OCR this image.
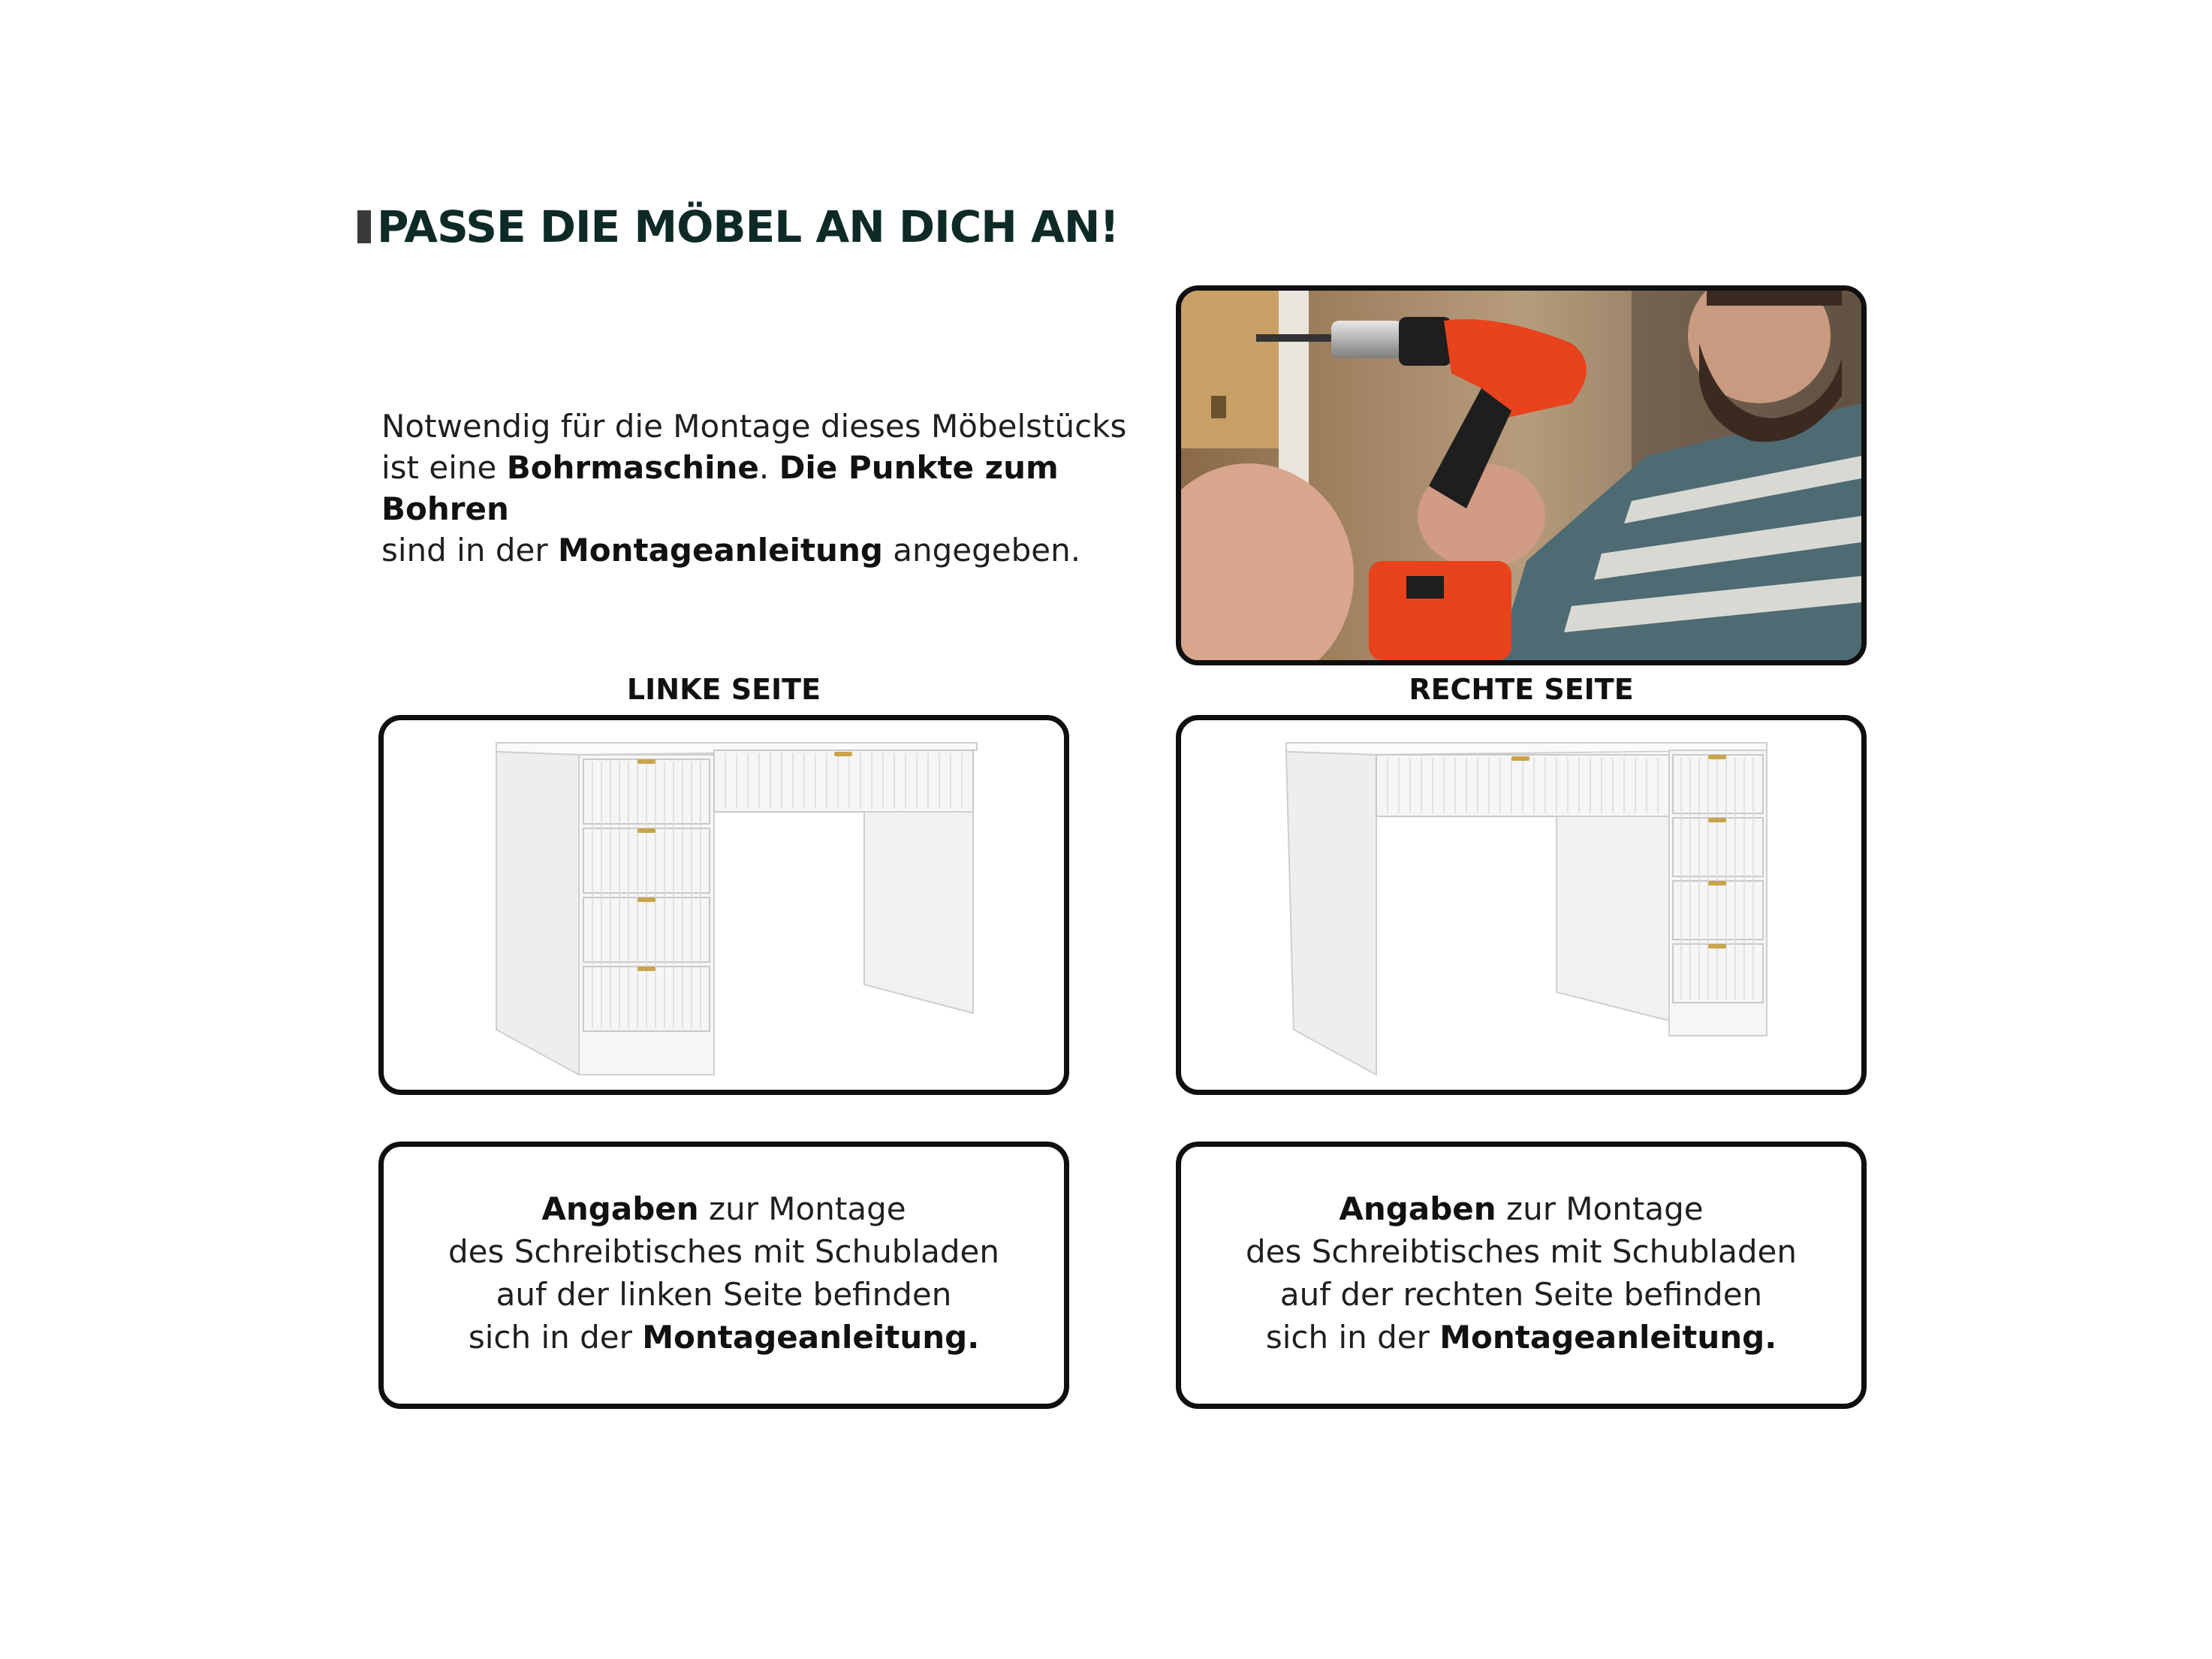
PASSE DIE MÖBEL AN DICH AN!
Notwendig für die Montage dieses Möbelstücks
ist eine Bohrmaschine. Die Punkte zum Bohren
sind in der Montageanleitung angegeben.
LINKE SEITE	RECHTE SEITE
Angaben zur Montage
des Schreibtisches mit Schubladen
auf der linken Seite befinden
sich in der Montageanleitung.
Angaben zur Montage
des Schreibtisches mit Schubladen
auf der rechten Seite befinden
sich in der Montageanleitung.
